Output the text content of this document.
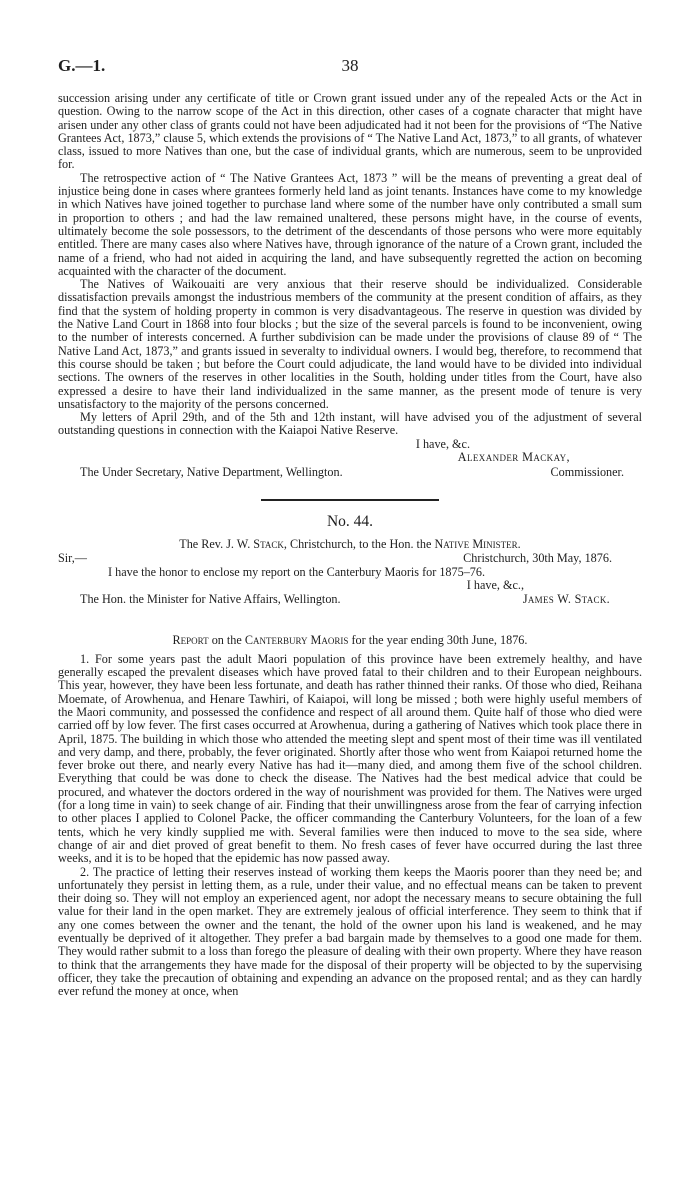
G.—1.	38

succession arising under any certificate of title or Crown grant issued under any of the repealed Acts or the Act in question. Owing to the narrow scope of the Act in this direction, other cases of a cognate character that might have arisen under any other class of grants could not have been adjudicated had it not been for the provisions of “The Native Grantees Act, 1873,” clause 5, which extends the provisions of “ The Native Land Act, 1873,” to all grants, of whatever class, issued to more Natives than one, but the case of individual grants, which are numerous, seem to be unprovided for.

The retrospective action of “ The Native Grantees Act, 1873 ” will be the means of preventing a great deal of injustice being done in cases where grantees formerly held land as joint tenants. Instances have come to my knowledge in which Natives have joined together to purchase land where some of the number have only contributed a small sum in proportion to others ; and had the law remained unaltered, these persons might have, in the course of events, ultimately become the sole possessors, to the detriment of the descendants of those persons who were more equitably entitled. There are many cases also where Natives have, through ignorance of the nature of a Crown grant, included the name of a friend, who had not aided in acquiring the land, and have subsequently regretted the action on becoming acquainted with the character of the document.

The Natives of Waikouaiti are very anxious that their reserve should be individualized. Considerable dissatisfaction prevails amongst the industrious members of the community at the present condition of affairs, as they find that the system of holding property in common is very disadvantageous. The reserve in question was divided by the Native Land Court in 1868 into four blocks ; but the size of the several parcels is found to be inconvenient, owing to the number of interests concerned. A further subdivision can be made under the provisions of clause 89 of “ The Native Land Act, 1873,” and grants issued in severalty to individual owners. I would beg, therefore, to recommend that this course should be taken ; but before the Court could adjudicate, the land would have to be divided into individual sections. The owners of the reserves in other localities in the South, holding under titles from the Court, have also expressed a desire to have their land individualized in the same manner, as the present mode of tenure is very unsatisfactory to the majority of the persons concerned.

My letters of April 29th, and of the 5th and 12th instant, will have advised you of the adjustment of several outstanding questions in connection with the Kaiapoi Native Reserve.

I have, &c.
Alexander Mackay,
The Under Secretary, Native Department, Wellington.	Commissioner.
No. 44.
The Rev. J. W. Stack, Christchurch, to the Hon. the Native Minister.
Sir,—	Christchurch, 30th May, 1876.
I have the honor to enclose my report on the Canterbury Maoris for 1875–76.
I have, &c.,
The Hon. the Minister for Native Affairs, Wellington.	James W. Stack.
Report on the Canterbury Maoris for the year ending 30th June, 1876.

1. For some years past the adult Maori population of this province have been extremely healthy, and have generally escaped the prevalent diseases which have proved fatal to their children and to their European neighbours. This year, however, they have been less fortunate, and death has rather thinned their ranks. Of those who died, Reihana Moemate, of Arowhenua, and Henare Tawhiri, of Kaiapoi, will long be missed ; both were highly useful members of the Maori community, and possessed the confidence and respect of all around them. Quite half of those who died were carried off by low fever. The first cases occurred at Arowhenua, during a gathering of Natives which took place there in April, 1875. The building in which those who attended the meeting slept and spent most of their time was ill ventilated and very damp, and there, probably, the fever originated. Shortly after those who went from Kaiapoi returned home the fever broke out there, and nearly every Native has had it—many died, and among them five of the school children. Everything that could be was done to check the disease. The Natives had the best medical advice that could be procured, and whatever the doctors ordered in the way of nourishment was provided for them. The Natives were urged (for a long time in vain) to seek change of air. Finding that their unwillingness arose from the fear of carrying infection to other places I applied to Colonel Packe, the officer commanding the Canterbury Volunteers, for the loan of a few tents, which he very kindly supplied me with. Several families were then induced to move to the sea side, where change of air and diet proved of great benefit to them. No fresh cases of fever have occurred during the last three weeks, and it is to be hoped that the epidemic has now passed away.

2. The practice of letting their reserves instead of working them keeps the Maoris poorer than they need be; and unfortunately they persist in letting them, as a rule, under their value, and no effectual means can be taken to prevent their doing so. They will not employ an experienced agent, nor adopt the necessary means to secure obtaining the full value for their land in the open market. They are extremely jealous of official interference. They seem to think that if any one comes between the owner and the tenant, the hold of the owner upon his land is weakened, and he may eventually be deprived of it altogether. They prefer a bad bargain made by themselves to a good one made for them. They would rather submit to a loss than forego the pleasure of dealing with their own property. Where they have reason to think that the arrangements they have made for the disposal of their property will be objected to by the supervising officer, they take the precaution of obtaining and expending an advance on the proposed rental; and as they can hardly ever refund the money at once, when
